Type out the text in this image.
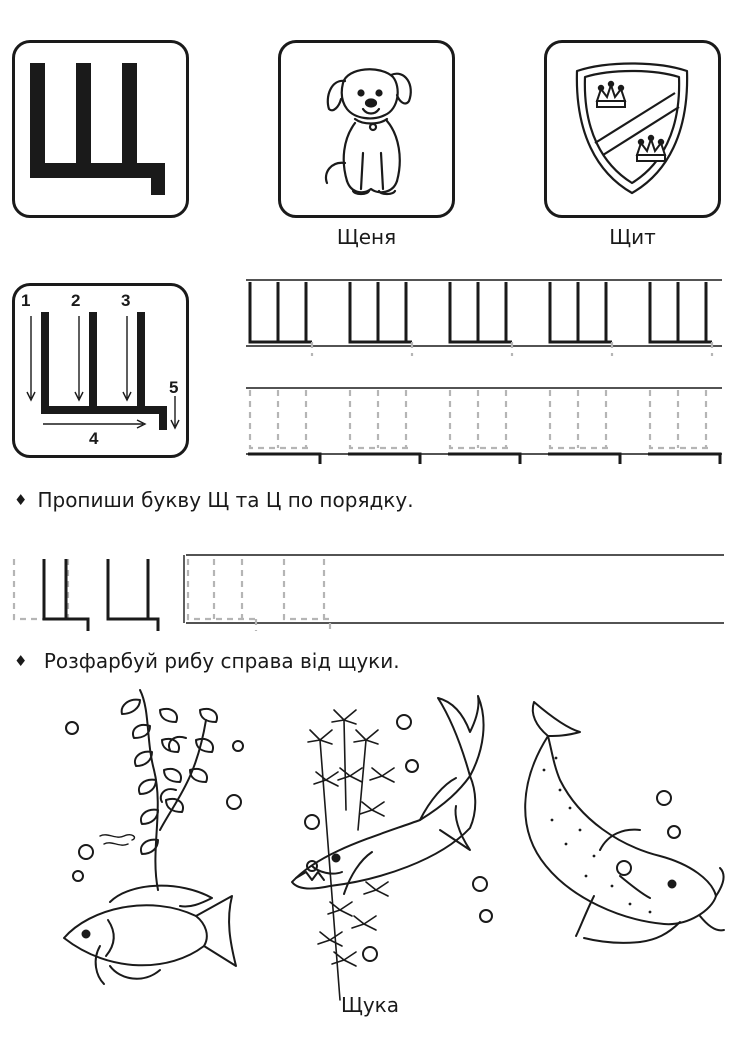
Щеня	Щит
1 2 3
4
5
♦ Пропиши букву Щ та Ц по порядку.
♦ Розфарбуй рибу справа від щуки.
Щука
